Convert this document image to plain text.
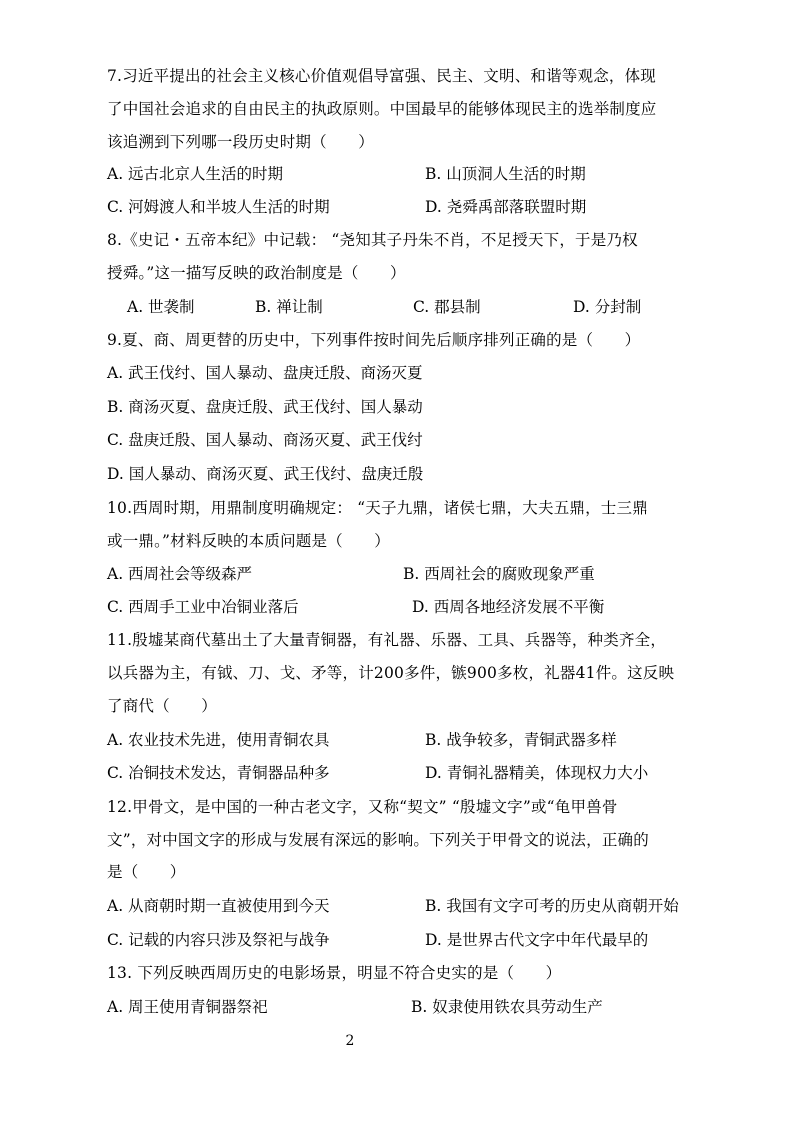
7.习近平提出的社会主义核心价值观倡导富强、民主、文明、和谐等观念，体现
了中国社会追求的自由民主的执政原则。中国最早的能够体现民主的选举制度应
该追溯到下列哪一段历史时期（　　）
A. 远古北京人生活的时期	B. 山顶洞人生活的时期
C. 河姆渡人和半坡人生活的时期	D. 尧舜禹部落联盟时期
8.《史记・五帝本纪》中记载： “尧知其子丹朱不肖，不足授天下，于是乃权
授舜。”这一描写反映的政治制度是（　　）
A. 世袭制	B. 禅让制	C. 郡县制	D. 分封制
9.夏、商、周更替的历史中，下列事件按时间先后顺序排列正确的是（　　）
A. 武王伐纣、国人暴动、盘庚迁殷、商汤灭夏
B. 商汤灭夏、盘庚迁殷、武王伐纣、国人暴动
C. 盘庚迁殷、国人暴动、商汤灭夏、武王伐纣
D. 国人暴动、商汤灭夏、武王伐纣、盘庚迁殷
10.西周时期，用鼎制度明确规定： “天子九鼎，诸侯七鼎，大夫五鼎，士三鼎
或一鼎。”材料反映的本质问题是（　　）
A. 西周社会等级森严	B. 西周社会的腐败现象严重
C. 西周手工业中冶铜业落后	D. 西周各地经济发展不平衡
11.殷墟某商代墓出土了大量青铜器，有礼器、乐器、工具、兵器等，种类齐全，
以兵器为主，有钺、刀、戈、矛等，计200多件，镞900多枚，礼器41件。这反映
了商代（　　）
A. 农业技术先进，使用青铜农具	B. 战争较多，青铜武器多样
C. 冶铜技术发达，青铜器品种多	D. 青铜礼器精美，体现权力大小
12.甲骨文，是中国的一种古老文字，又称“契文” “殷墟文字”或“龟甲兽骨
文”，对中国文字的形成与发展有深远的影响。下列关于甲骨文的说法，正确的
是（　　）
A. 从商朝时期一直被使用到今天	B. 我国有文字可考的历史从商朝开始
C. 记载的内容只涉及祭祀与战争	D. 是世界古代文字中年代最早的
13. 下列反映西周历史的电影场景，明显不符合史实的是（　　）
A. 周王使用青铜器祭祀	B. 奴隶使用铁农具劳动生产
2
